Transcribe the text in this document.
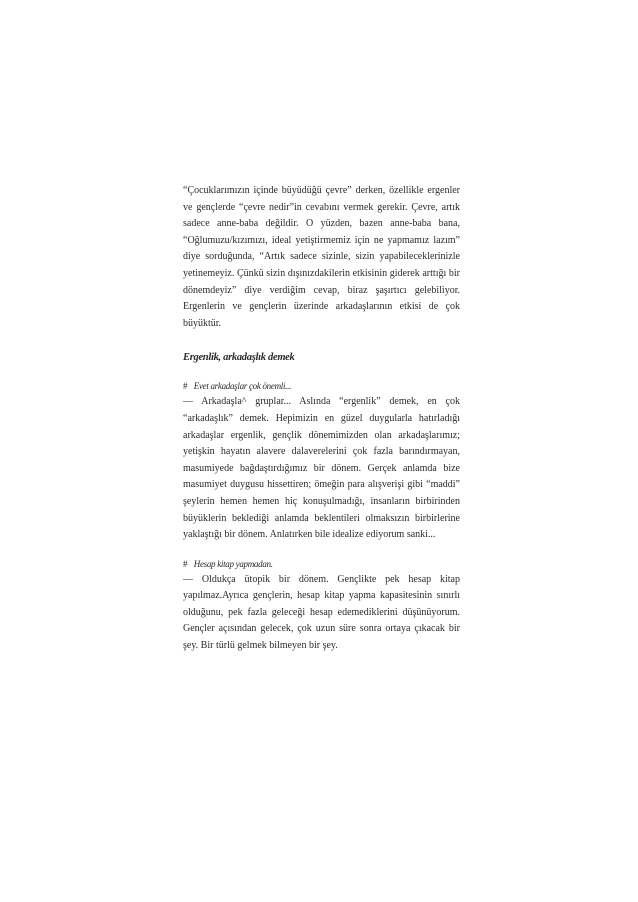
“Çocuklarımızın içinde büyüdüğü çevre” derken, özellikle ergenler ve gençlerde “çevre nedir”in cevabını vermek gerekir. Çevre, artık sadece anne-baba değildir. O yüzden, bazen anne-baba bana, “Oğlumuzu/kızımızı, ideal yetiştirmemiz için ne yapmamız lazım” diye sorduğunda, “Artık sadece sizinle, sizin yapabileceklerinizle yetinemeyiz. Çünkü sizin dışınızdakilerin etkisinin giderek arttığı bir dönemdeyiz” diye verdiğim cevap, biraz şaşırtıcı gelebiliyor. Ergenlerin ve gençlerin üzerinde arkadaşlarının etkisi de çok büyüktür.

Ergenlik, arkadaşlık demek

# Evet arkadaşlar çok önemli...

— Arkadaşla^ gruplar... Aslında “ergenlik” demek, en çok “arkadaşlık” demek. Hepimizin en güzel duygularla hatırladığı arkadaşlar ergenlik, gençlik dönemimizden olan arkadaşlarımız; yetişkin hayatın alavere dalaverelerini çok fazla barındırmayan, masumiyede bağdaştırdığımız bir dönem. Gerçek anlamda bize masumiyet duygusu hissettiren; ömeğin para alışverişi gibi “maddi” şeylerin hemen hemen hiç konuşulmadığı, insanların birbirinden büyüklerin beklediği anlamda beklentileri olmaksızın birbirlerine yaklaştığı bir dönem. Anlatırken bile idealize ediyorum sanki...

# Hesap kitap yapmadan.

— Oldukça ütopik bir dönem. Gençlikte pek hesap kitap yapılmaz.Ayrıca gençlerin, hesap kitap yapma kapasitesinin sınırlı olduğunu, pek fazla geleceği hesap edemediklerini düşünüyorum. Gençler açısından gelecek, çok uzun süre sonra ortaya çıkacak bir şey. Bir türlü gelmek bilmeyen bir şey.
